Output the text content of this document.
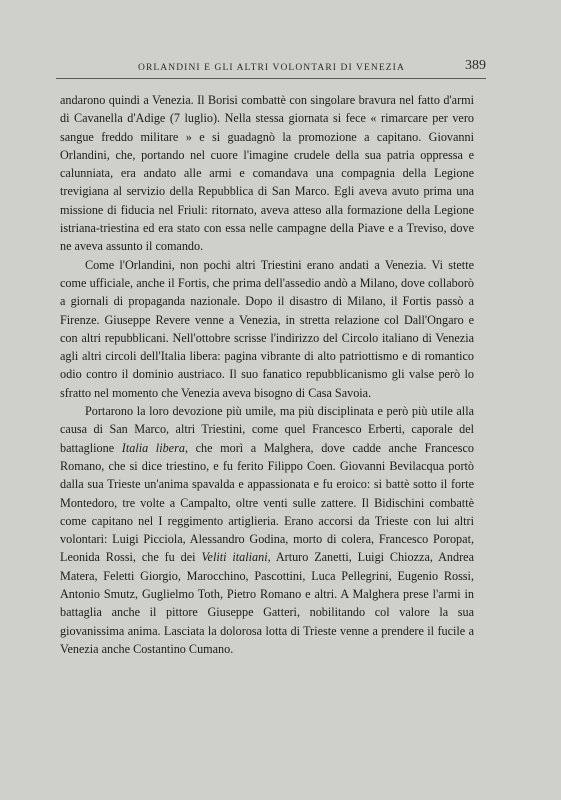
ORLANDINI E GLI ALTRI VOLONTARI DI VENEZIA	389

andarono quindi a Venezia. Il Borisi combattè con singolare bravura nel fatto d'armi di Cavanella d'Adige (7 luglio). Nella stessa giornata si fece « rimarcare per vero sangue freddo militare » e si guadagnò la promozione a capitano. Giovanni Orlandini, che, portando nel cuore l'imagine crudele della sua patria oppressa e calunniata, era andato alle armi e comandava una compagnia della Legione trevigiana al servizio della Repubblica di San Marco. Egli aveva avuto prima una missione di fiducia nel Friuli: ritornato, aveva atteso alla formazione della Legione istriana-triestina ed era stato con essa nelle campagne della Piave e a Treviso, dove ne aveva assunto il comando.

Come l'Orlandini, non pochi altri Triestini erano andati a Venezia. Vi stette come ufficiale, anche il Fortis, che prima dell'assedio andò a Milano, dove collaborò a giornali di propaganda nazionale. Dopo il disastro di Milano, il Fortis passò a Firenze. Giuseppe Revere venne a Venezia, in stretta relazione col Dall'Ongaro e con altri repubblicani. Nell'ottobre scrisse l'indirizzo del Circolo italiano di Venezia agli altri circoli dell'Italia libera: pagina vibrante di alto patriottismo e di romantico odio contro il dominio austriaco. Il suo fanatico repubblicanismo gli valse però lo sfratto nel momento che Venezia aveva bisogno di Casa Savoia.

Portarono la loro devozione più umile, ma più disciplinata e però più utile alla causa di San Marco, altri Triestini, come quel Francesco Erberti, caporale del battaglione Italia libera, che morì a Malghera, dove cadde anche Francesco Romano, che si dice triestino, e fu ferito Filippo Coen. Giovanni Bevilacqua portò dalla sua Trieste un'anima spavalda e appassionata e fu eroico: si battè sotto il forte Montedoro, tre volte a Campalto, oltre venti sulle zattere. Il Bidischini combattè come capitano nel I reggimento artiglieria. Erano accorsi da Trieste con lui altri volontari: Luigi Picciola, Alessandro Godina, morto di colera, Francesco Poropat, Leonida Rossi, che fu dei Veliti italiani, Arturo Zanetti, Luigi Chiozza, Andrea Matera, Feletti Giorgio, Marocchino, Pascottini, Luca Pellegrini, Eugenio Rossi, Antonio Smutz, Guglielmo Toth, Pietro Romano e altri. A Malghera prese l'armi in battaglia anche il pittore Giuseppe Gatteri, nobilitando col valore la sua giovanissima anima. Lasciata la dolorosa lotta di Trieste venne a prendere il fucile a Venezia anche Costantino Cumano.
